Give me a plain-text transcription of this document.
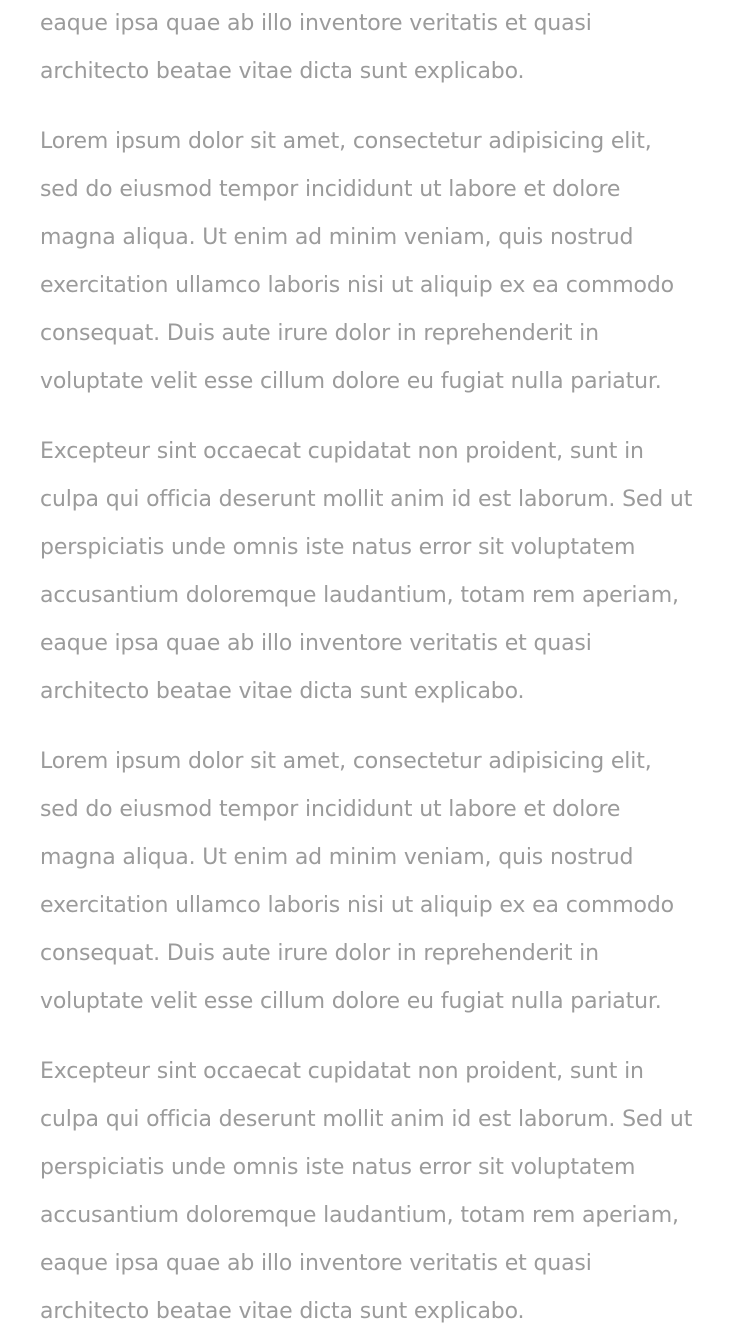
eaque ipsa quae ab illo inventore veritatis et quasi
architecto beatae vitae dicta sunt explicabo.

Lorem ipsum dolor sit amet, consectetur adipisicing elit,
sed do eiusmod tempor incididunt ut labore et dolore
magna aliqua. Ut enim ad minim veniam, quis nostrud
exercitation ullamco laboris nisi ut aliquip ex ea commodo
consequat. Duis aute irure dolor in reprehenderit in
voluptate velit esse cillum dolore eu fugiat nulla pariatur.

Excepteur sint occaecat cupidatat non proident, sunt in
culpa qui officia deserunt mollit anim id est laborum. Sed ut
perspiciatis unde omnis iste natus error sit voluptatem
accusantium doloremque laudantium, totam rem aperiam,
eaque ipsa quae ab illo inventore veritatis et quasi
architecto beatae vitae dicta sunt explicabo.

Lorem ipsum dolor sit amet, consectetur adipisicing elit,
sed do eiusmod tempor incididunt ut labore et dolore
magna aliqua. Ut enim ad minim veniam, quis nostrud
exercitation ullamco laboris nisi ut aliquip ex ea commodo
consequat. Duis aute irure dolor in reprehenderit in
voluptate velit esse cillum dolore eu fugiat nulla pariatur.

Excepteur sint occaecat cupidatat non proident, sunt in
culpa qui officia deserunt mollit anim id est laborum. Sed ut
perspiciatis unde omnis iste natus error sit voluptatem
accusantium doloremque laudantium, totam rem aperiam,
eaque ipsa quae ab illo inventore veritatis et quasi
architecto beatae vitae dicta sunt explicabo.
